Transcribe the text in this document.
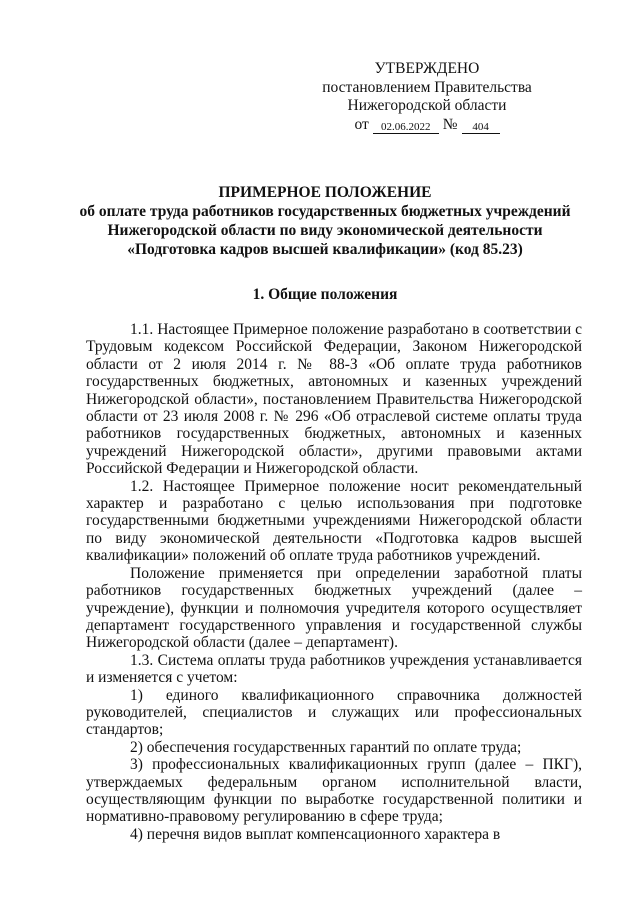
УТВЕРЖДЕНО
постановлением Правительства
Нижегородской области
от	02.06.2022 №	404
ПРИМЕРНОЕ ПОЛОЖЕНИЕ
об оплате труда работников государственных бюджетных учреждений
Нижегородской области по виду экономической деятельности
«Подготовка кадров высшей квалификации» (код 85.23)
1. Общие положения

1.1. Настоящее Примерное положение разработано в соответствии с Трудовым кодексом Российской Федерации, Законом Нижегородской области от 2 июля 2014 г. № 88-З «Об оплате труда работников государственных бюджетных, автономных и казенных учреждений Нижегородской области», постановлением Правительства Нижегородской области от 23 июля 2008 г. № 296 «Об отраслевой системе оплаты труда работников государственных бюджетных, автономных и казенных учреждений Нижегородской области», другими правовыми актами Российской Федерации и Нижегородской области.

1.2. Настоящее Примерное положение носит рекомендательный характер и разработано с целью использования при подготовке государственными бюджетными учреждениями Нижегородской области по виду экономической деятельности «Подготовка кадров высшей квалификации» положений об оплате труда работников учреждений.

Положение применяется при определении заработной платы работников государственных бюджетных учреждений (далее – учреждение), функции и полномочия учредителя которого осуществляет департамент государственного управления и государственной службы Нижегородской области (далее – департамент).

1.3. Система оплаты труда работников учреждения устанавливается и изменяется с учетом:

1) единого квалификационного справочника должностей руководителей, специалистов и служащих или профессиональных стандартов;

2) обеспечения государственных гарантий по оплате труда;

3) профессиональных квалификационных групп (далее – ПКГ), утверждаемых федеральным органом исполнительной власти, осуществляющим функции по выработке государственной политики и нормативно-правовому регулированию в сфере труда;

4) перечня видов выплат компенсационного характера в
